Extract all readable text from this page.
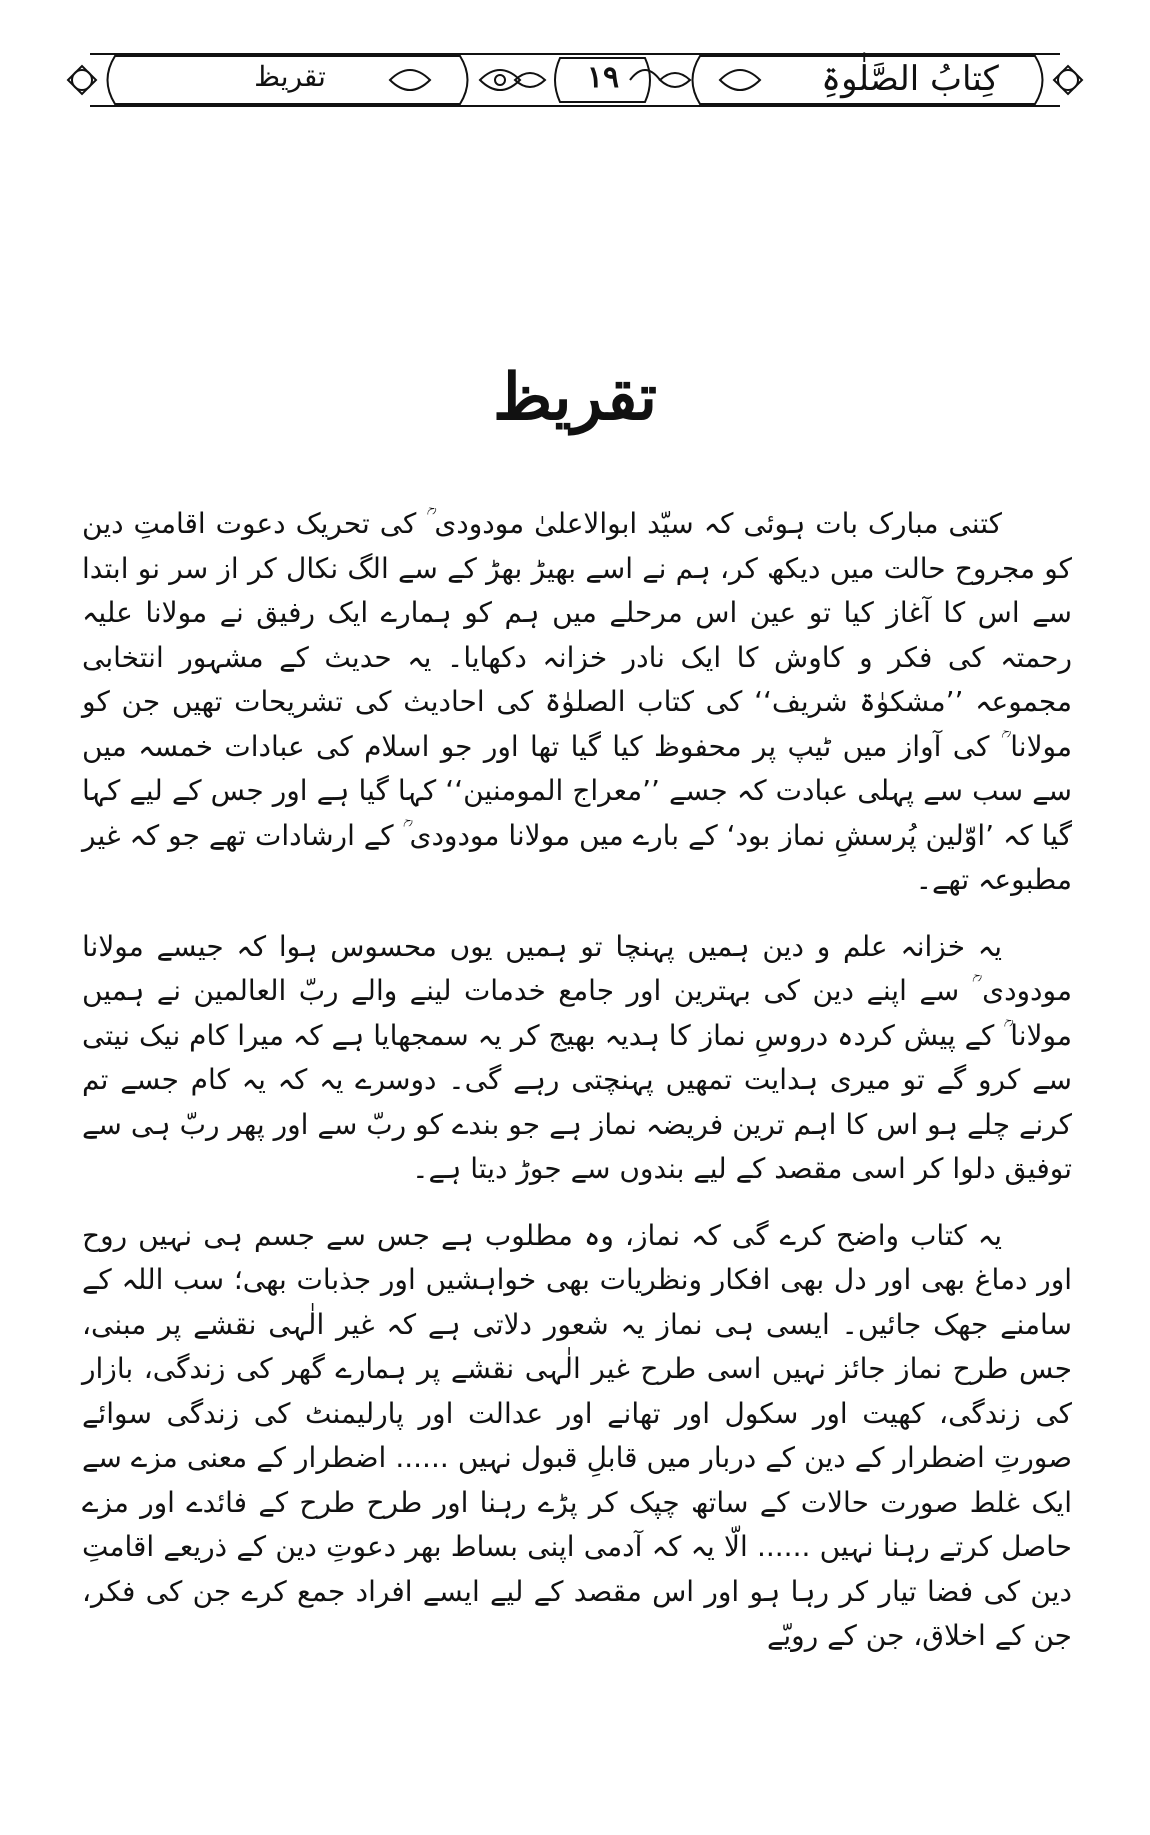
كِتابُ الصَّلٰوۃِ
۱۹
تقریظ
تقریظ

کتنی مبارک بات ہوئی کہ سیّد ابوالاعلیٰ مودودی ؒ کی تحریک دعوت اقامتِ دین کو مجروح حالت میں دیکھ کر، ہم نے اسے بھیڑ بھڑ کے سے الگ نکال کر از سر نو ابتدا سے اس کا آغاز کیا تو عین اس مرحلے میں ہم کو ہمارے ایک رفیق نے مولانا علیہ رحمتہ کی فکر و کاوش کا ایک نادر خزانہ دکھایا۔ یہ حدیث کے مشہور انتخابی مجموعہ ’’مشکوٰۃ شریف‘‘ کی کتاب الصلوٰۃ کی احادیث کی تشریحات تھیں جن کو مولانا ؒ کی آواز میں ٹیپ پر محفوظ کیا گیا تھا اور جو اسلام کی عبادات خمسہ میں سے سب سے پہلی عبادت کہ جسے ’’معراج المومنین‘‘ کہا گیا ہے اور جس کے لیے کہا گیا کہ ’اوّلین پُرسشِ نماز بود‘ کے بارے میں مولانا مودودی ؒ کے ارشادات تھے جو کہ غیر مطبوعہ تھے۔

یہ خزانہ علم و دین ہمیں پہنچا تو ہمیں یوں محسوس ہوا کہ جیسے مولانا مودودی ؒ سے اپنے دین کی بہترین اور جامع خدمات لینے والے ربّ العالمین نے ہمیں مولانا ؒ کے پیش کردہ دروسِ نماز کا ہدیہ بھیج کر یہ سمجھایا ہے کہ میرا کام نیک نیتی سے کرو گے تو میری ہدایت تمھیں پہنچتی رہے گی۔ دوسرے یہ کہ یہ کام جسے تم کرنے چلے ہو اس کا اہم ترین فریضہ نماز ہے جو بندے کو ربّ سے اور پھر ربّ ہی سے توفیق دلوا کر اسی مقصد کے لیے بندوں سے جوڑ دیتا ہے۔

یہ کتاب واضح کرے گی کہ نماز، وہ مطلوب ہے جس سے جسم ہی نہیں روح اور دماغ بھی اور دل بھی افکار ونظریات بھی خواہشیں اور جذبات بھی؛ سب اللہ کے سامنے جھک جائیں۔ ایسی ہی نماز یہ شعور دلاتی ہے کہ غیر الٰہی نقشے پر مبنی، جس طرح نماز جائز نہیں اسی طرح غیر الٰہی نقشے پر ہمارے گھر کی زندگی، بازار کی زندگی، کھیت اور سکول اور تھانے اور عدالت اور پارلیمنٹ کی زندگی سوائے صورتِ اضطرار کے دین کے دربار میں قابلِ قبول نہیں ...... اضطرار کے معنی مزے سے ایک غلط صورت حالات کے ساتھ چپک کر پڑے رہنا اور طرح طرح کے فائدے اور مزے حاصل کرتے رہنا نہیں ...... الّا یہ کہ آدمی اپنی بساط بھر دعوتِ دین کے ذریعے اقامتِ دین کی فضا تیار کر رہا ہو اور اس مقصد کے لیے ایسے افراد جمع کرے جن کی فکر، جن کے اخلاق، جن کے رویّے
